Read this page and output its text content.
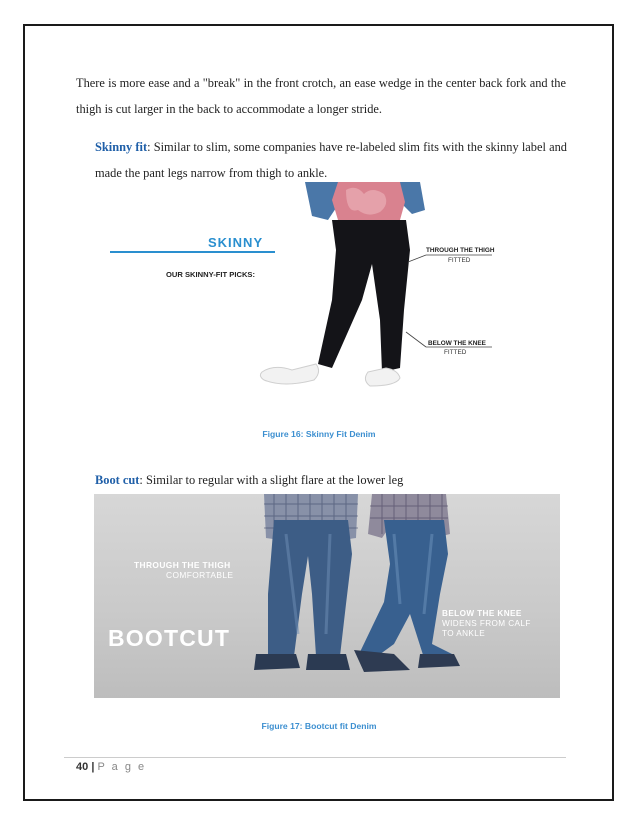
There is more ease and a "break" in the front crotch, an ease wedge in the center back fork and the thigh is cut larger in the back to accommodate a longer stride.

Skinny fit: Similar to slim, some companies have re-labeled slim fits with the skinny label and made the pant legs narrow from thigh to ankle.

SKINNY
OUR SKINNY-FIT PICKS:
THROUGH THE THIGH
FITTED
BELOW THE KNEE
FITTED
Figure 16: Skinny Fit Denim

Boot cut: Similar to regular with a slight flare at the lower leg

THROUGH THE THIGH
COMFORTABLE
BOOTCUT
BELOW THE KNEE
WIDENS FROM CALF
TO ANKLE
Figure 17: Bootcut fit Denim
40 | P a g e
